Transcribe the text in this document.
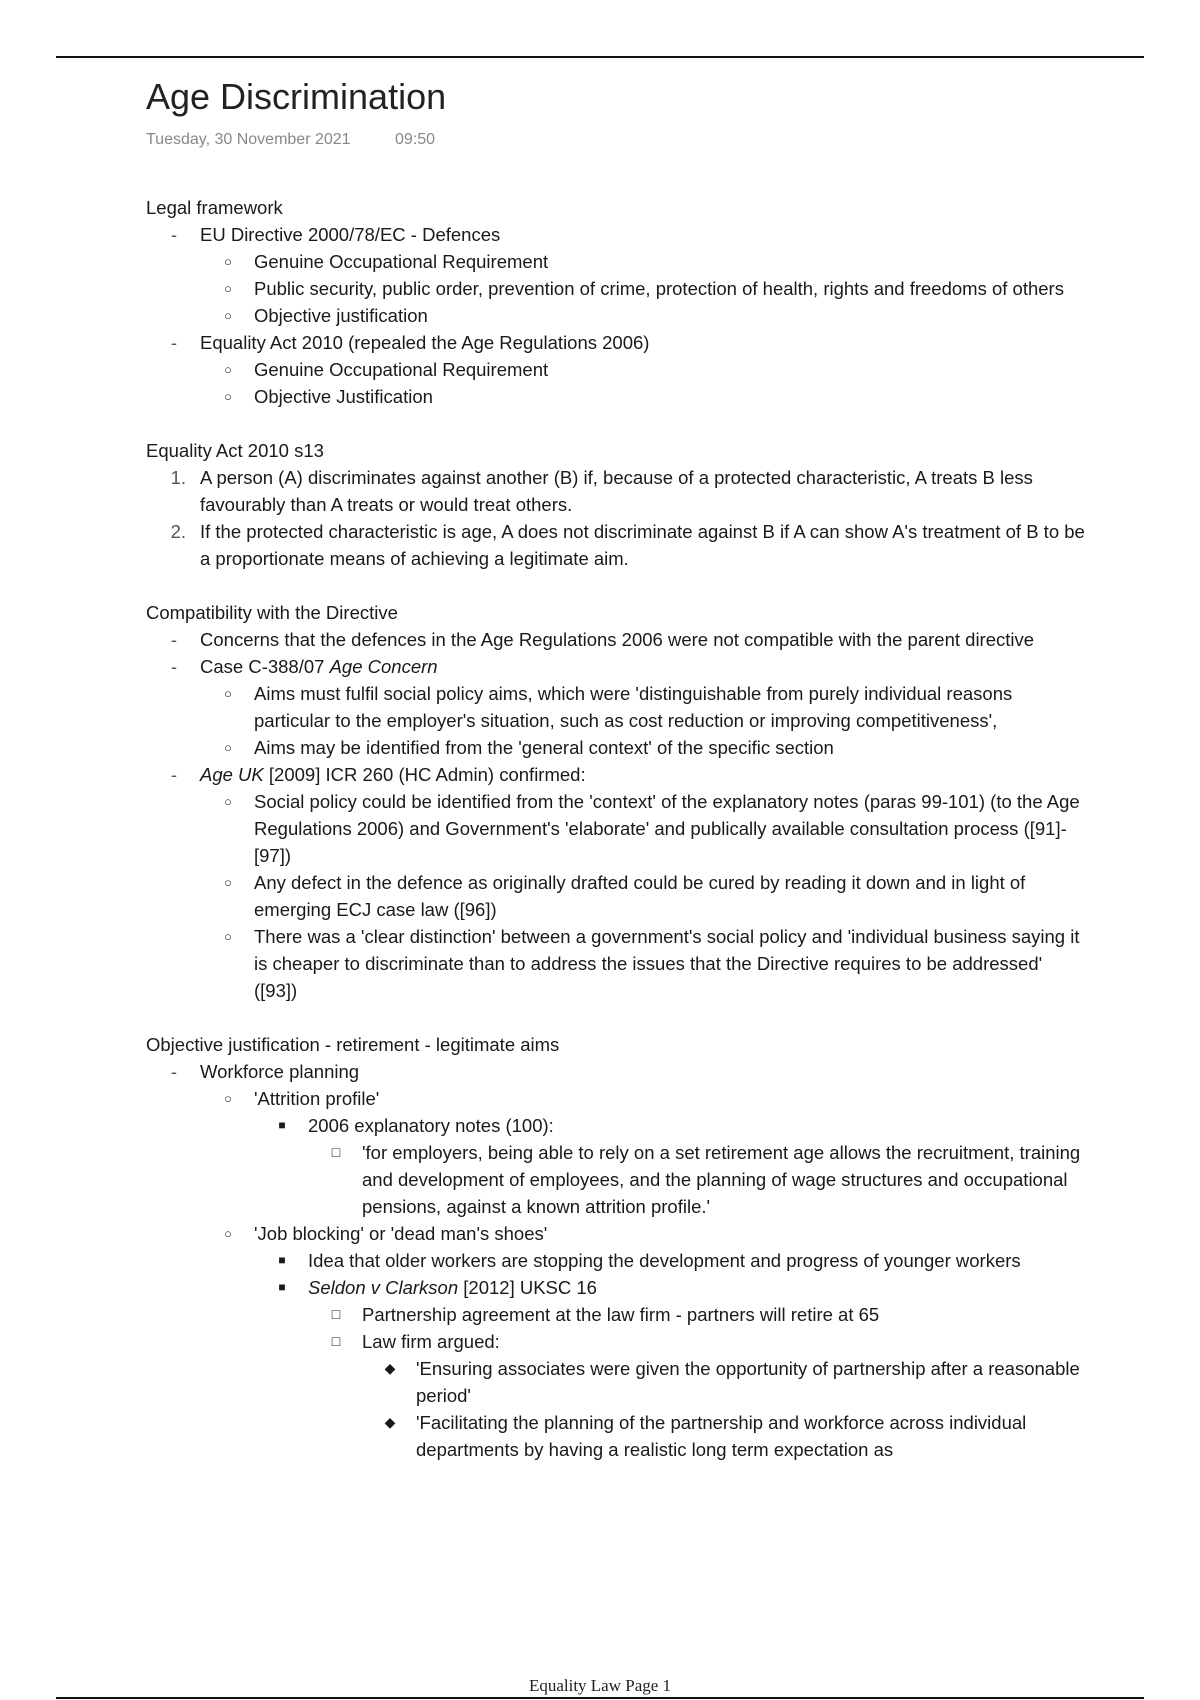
Age Discrimination
Tuesday, 30 November 2021	09:50

Legal framework

-	EU Directive 2000/78/EC - Defences
○	Genuine Occupational Requirement
○	Public security, public order, prevention of crime, protection of health, rights and freedoms of others
○	Objective justification
-	Equality Act 2010 (repealed the Age Regulations 2006)
○	Genuine Occupational Requirement
○	Objective Justification

Equality Act 2010 s13

1. A person (A) discriminates against another (B) if, because of a protected characteristic, A treats B less favourably than A treats or would treat others.
2. If the protected characteristic is age, A does not discriminate against B if A can show A's treatment of B to be a proportionate means of achieving a legitimate aim.

Compatibility with the Directive

-	Concerns that the defences in the Age Regulations 2006 were not compatible with the parent directive
-	Case C-388/07 Age Concern
○	Aims must fulfil social policy aims, which were 'distinguishable from purely individual reasons particular to the employer's situation, such as cost reduction or improving competitiveness',
○	Aims may be identified from the 'general context' of the specific section
-	Age UK [2009] ICR 260 (HC Admin) confirmed:
○	Social policy could be identified from the 'context' of the explanatory notes (paras 99-101) (to the Age Regulations 2006) and Government's 'elaborate' and publically available consultation process ([91]-[97])
○	Any defect in the defence as originally drafted could be cured by reading it down and in light of emerging ECJ case law ([96])
○	There was a 'clear distinction' between a government's social policy and 'individual business saying it is cheaper to discriminate than to address the issues that the Directive requires to be addressed' ([93])

Objective justification - retirement - legitimate aims

-	Workforce planning
○	'Attrition profile'
■	2006 explanatory notes (100):
□	'for employers, being able to rely on a set retirement age allows the recruitment, training and development of employees, and the planning of wage structures and occupational pensions, against a known attrition profile.'
○	'Job blocking' or 'dead man's shoes'
■	Idea that older workers are stopping the development and progress of younger workers
■	Seldon v Clarkson [2012] UKSC 16
□	Partnership agreement at the law firm - partners will retire at 65
□	Law firm argued:
◆ 'Ensuring associates were given the opportunity of partnership after a reasonable period'
◆ 'Facilitating the planning of the partnership and workforce across individual departments by having a realistic long term expectation as
Equality Law Page 1
